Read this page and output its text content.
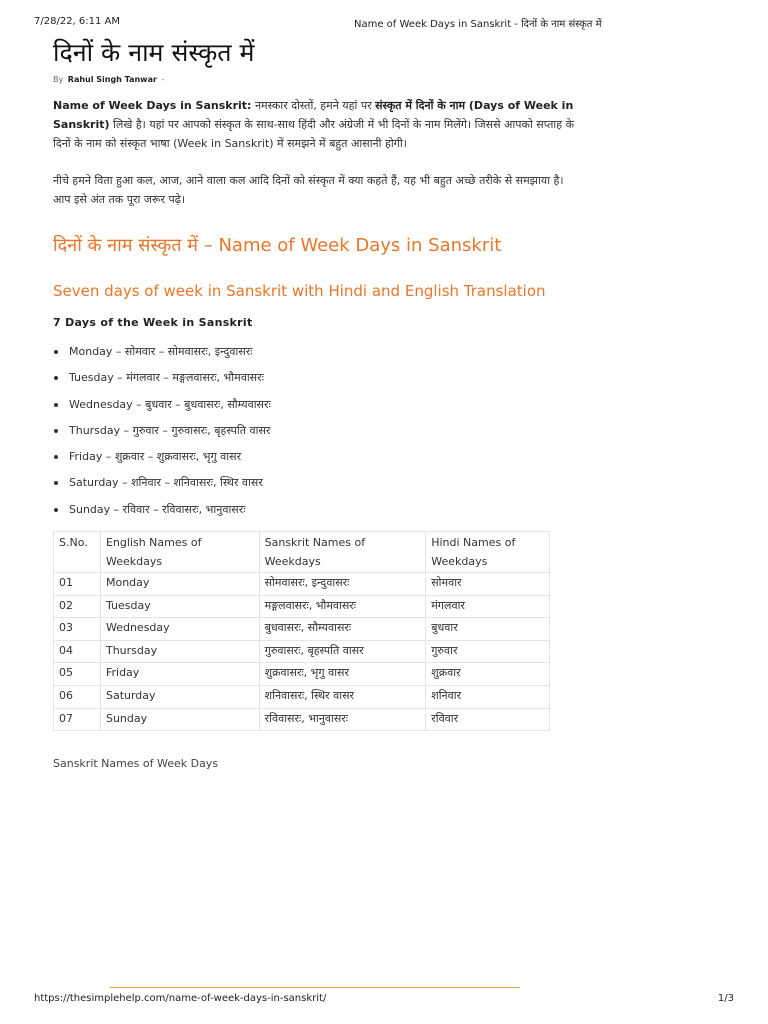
7/28/22, 6:11 AM	Name of Week Days in Sanskrit - दिनों के नाम संस्कृत में
दिनों के नाम संस्कृत में
By Rahul Singh Tanwar -

Name of Week Days in Sanskrit: नमस्कार दोस्तों, हमने यहां पर संस्कृत में दिनों के नाम (Days of Week in Sanskrit) लिखे है। यहां पर आपको संस्कृत के साथ-साथ हिंदी और अंग्रेजी में भी दिनों के नाम मिलेंगे। जिससे आपको सप्ताह के दिनों के नाम को संस्कृत भाषा (Week in Sanskrit) में समझने में बहुत आसानी होगी।

नीचे हमने विता हुआ कल, आज, आने वाला कल आदि दिनों को संस्कृत में क्या कहते हैं, यह भी बहुत अच्छे तरीके से समझाया है। आप इसे अंत तक पूरा जरूर पढ़े।

दिनों के नाम संस्कृत में – Name of Week Days in Sanskrit
Seven days of week in Sanskrit with Hindi and English Translation
7 Days of the Week in Sanskrit
Monday – सोमवार – सोमवासरः, इन्दुवासरः
Tuesday – मंगलवार – मङ्गलवासरः, भौमवासरः
Wednesday – बुधवार – बुधवासरः, सौम्यवासरः
Thursday – गुरुवार – गुरुवासरः, बृहस्पति वासर
Friday – शुक्रवार – शुक्रवासरः, भृगु वासर
Saturday – शनिवार – शनिवासरः, स्थिर वासर
Sunday – रविवार – रविवासरः, भानुवासरः
S.No.	English Names of Weekdays	Sanskrit Names of Weekdays	Hindi Names of Weekdays
01	Monday	सोमवासरः, इन्दुवासरः	सोमवार
02	Tuesday	मङ्गलवासरः, भौमवासरः	मंगलवार
03	Wednesday	बुधवासरः, सौम्यवासरः	बुधवार
04	Thursday	गुरुवासरः, बृहस्पति वासर	गुरुवार
05	Friday	शुक्रवासरः, भृगु वासर	शुक्रवार
06	Saturday	शनिवासरः, स्थिर वासर	शनिवार
07	Sunday	रविवासरः, भानुवासरः	रविवार
Sanskrit Names of Week Days
https://thesimplehelp.com/name-of-week-days-in-sanskrit/	1/3
